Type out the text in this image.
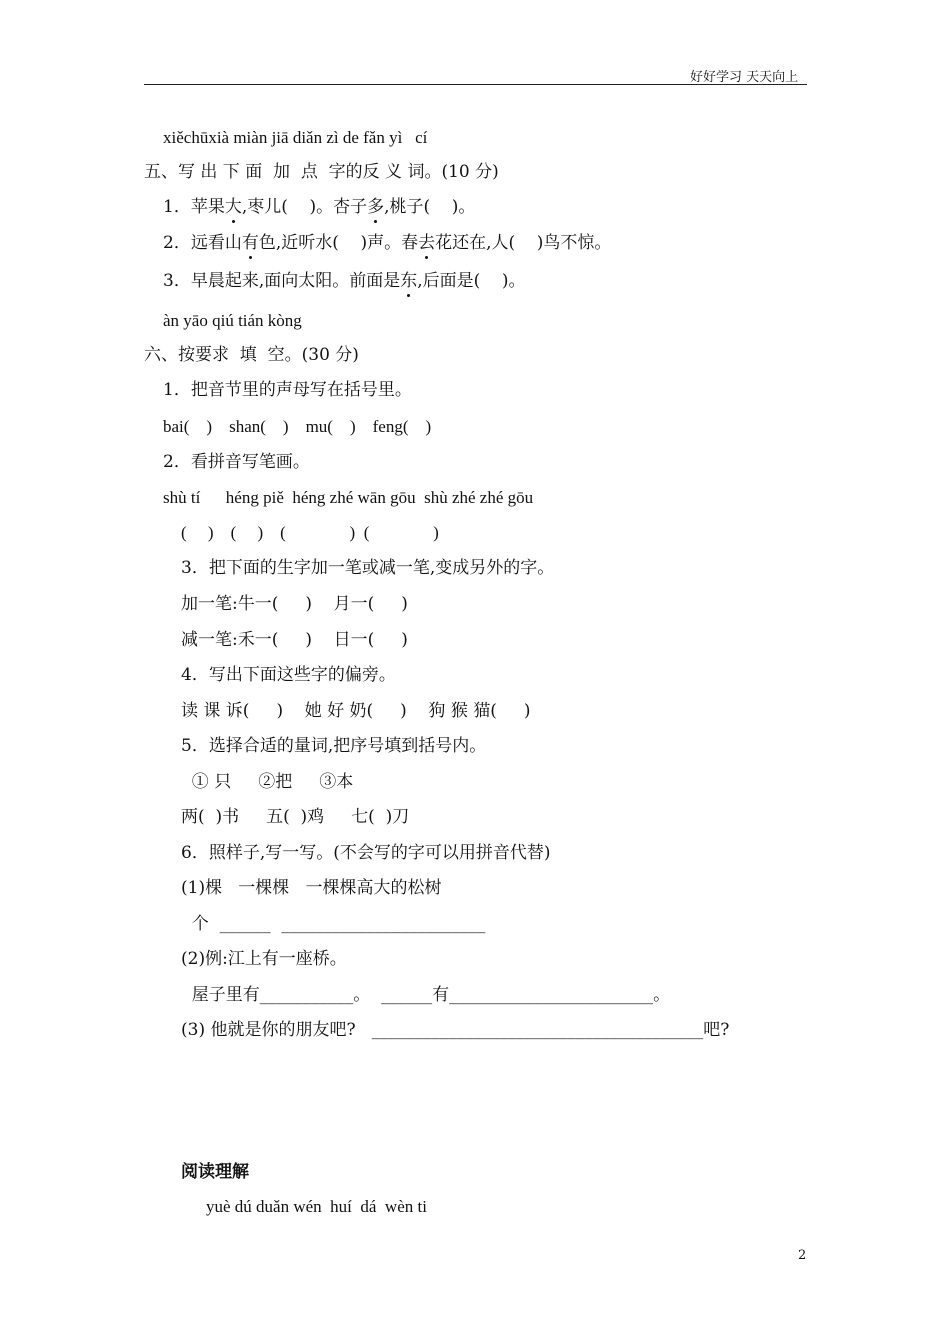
好好学习 天天向上
xiěchūxià miàn jiā diǎn zì de fǎn yì   cí
五、写 出 下 面  加  点  字的反 义 词。(10 分)
1．苹果大,枣儿(    )。杏子多,桃子(    )。
2．远看山有色,近听水(    )声。春去花还在,人(    )鸟不惊。
3．早晨起来,面向太阳。前面是东,后面是(    )。
àn yāo qiú tián kòng
六、按要求  填  空。(30 分)
1．把音节里的声母写在括号里。
bai(    )    shan(    )    mu(    )    feng(    )
2．看拼音写笔画。
shù tí      héng piě  héng zhé wān gōu  shù zhé zhé gōu
(     )    (     )    (               )  (               )
3．把下面的生字加一笔或减一笔,变成另外的字。
加一笔:牛一(     )    月一(     )
减一笔:禾一(     )    日一(     )
4．写出下面这些字的偏旁。
读 课 诉(     )    她 好 奶(     )    狗 猴 猫(     )
5．选择合适的量词,把序号填到括号内。
① 只     ②把     ③本
两(  )书     五(  )鸡     七(  )刀
6．照样子,写一写。(不会写的字可以用拼音代替)
(1)棵   一棵棵   一棵棵高大的松树
个  ______  ________________________
(2)例:江上有一座桥。
屋子里有___________。  ______有________________________。
(3) 他就是你的朋友吧?   _______________________________________吧?
阅读理解
yuè dú duǎn wén  huí  dá  wèn ti
2
